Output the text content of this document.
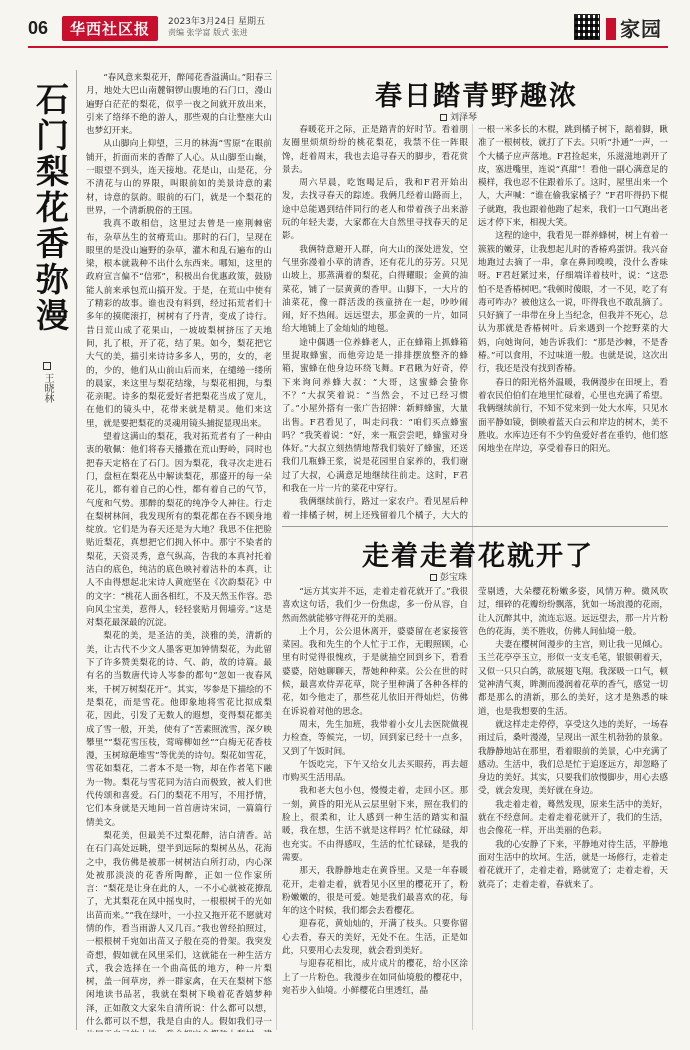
06	华西社区报	2023年3月24日 星期五
责编 张学富 版式 张进	家园
石门梨花香弥漫
王晓林

“春风意来梨花开，醉闻花香溢满山。”阳春三月，地处大巴山南麓铜锣山腹地的石门口，漫山遍野白茫茫的梨花，似乎一夜之间就开放出来，引来了络绎不绝的游人，那些观的白让整座大山也梦幻开来。

从山脚向上仰望，三月的林海“雪原”在眼前铺开，折面而来的香醉了人心。从山脚至山巅，一眼望不到头，连天接地。花是山，山是花，分不清花与山的界限，叫眼前如的美景诗意的素材，诗意的氛韵。眼前的石门，就是一个梨花的世界，一个清新脱俗的王国。

我真不敢相信，这里过去曾是一座荆棘密布，杂草丛生的贫瘠荒山。那时的石门，呈现在眼里的是没山遍野的杂草，灌木和乱石遍布的山梁，根本就栽种不出什么东西来。哪知，这里的政府宣言偏不“信邪”，积极出台优惠政策，鼓励能人前来承包荒山搞开发。于是，在荒山中使有了精彩的故事。谁也没有料到，经过拓荒者们十多年的摸爬滚打，树树有了丹青，变成了诗行。昔日荒山成了花果山，一坡坡梨树挤压了天地间，扎了根，开了花，结了果。如今，梨花把它大气的美，描引来诗诗多多人，男的，女的，老的，少的，他们从山前山后而来，在缱绻一缕所的晨家，来这里与梨花结缘，与梨花相拥，与梨花亲昵。诗多的梨花爱好者把梨花当成了宽儿，在他们的镜头中，花带来就是精灵。他们来这里，就是要把梨花的灵魂用镜头捕捉显现出来。

望着这满山的梨花，我对拓荒者有了一种由衷的敬佩：他们将春天播撒在荒山野岭，同时也把春天定格在了石门。因为梨花，我寻次走进石门，盘桓在梨花丛中解读梨花，那盛开的每一朵花儿，都有着自己的心性，都有着自己的气节，气度和气势。那醉的梨花的纯净令人神往。行走在梨树林间，我发现所有的梨花都在吞不顾身地绽放。它们是为春天还是为大地？我思不住把脸贴近梨花，真想把它们拥入怀中。那宁不染者的梨花，天资灵秀，意气纵高，告我的本真衬托着洁白的底色，纯洁的底色映衬着洁朴的本真，让人不由得想起北宋诗人黄庭坚在《次韵梨花》中的文字：“桃花人面各相红，不及天然玉作容。恐向风尘宝美，惹得人，轻轻裳贴月佣墙旁。”这是对梨花最深最的沉淀。

梨花的美，是圣洁的美，淡雅的美，清新的美，让古代不少文人墨客更加钟情梨花，为此留下了许多赞美梨花的诗、气、韵，故的诗篇。最有名的当数唐代诗人岑参的都句“忽如一夜春风来，千树万树梨花开”。其实，岑参是下描绘的不是梨花，而是雪花。他即象地将雪花比拟成梨花，因此，引发了无数人的遐想，变得梨花都美成了雪一般，开美，使有了“苦素照流雪，深夕映攀里”“梨花雪压枝，莺啼柳如丝”“白梅无花香枝漫，玉树琼葩堆雪”等优美的诗句。梨花如雪花，雪花如梨花，二者本不是一物，却在作者笔下融为一物。梨花与雪花同为洁白而极致，被人们世代传颂和喜爱。石门的梨花不用写，不用抒情，它们本身就是天地间一首首唐诗宋词，一篇篇行情美文。

梨花美，但最美不过梨花醉，洁白清香。站在石门高处远眺，望半到远际的梨树丛丛，花海之中，我仿佛是被那一树树洁白所打动，内心深处被那淡淡的花香所陶醉，正如一位作家所言：“梨花是让身在此的人，一不小心就被花撩乱了，尤其梨花在风中摇曳时，一根根树千的光如出苗而来。”“我在绿叶，一小拉又拖开花不愿就对情的作，看当雨游人又几百。”我也曾经拍照过，一根根树千宛如出苗又子般在亮的骨架。我突发奇想，假如就在风里采们，这就能在一种生活方式，我会选择在一个曲高低的地方，种一片梨树，盖一间草房，养一群家禽，在天在梨树下悠闲地读书品茗，我就在梨树下唤着花香嬉梦种泽，正如散文大家朱自清所说：什么都可以想，什么都可以不想，我是自由的人。假如我们寻一

春日踏青野趣浓
刘泽琴

春暖花开之际，正是踏青的好时节。看着朋友圈里烦烦纷纷的桃花梨花，我禁不住一阵眼馋，赶着周末，我也去追寻春天的脚步，看花赏景去。

周六早晨，吃饱喝足后，我和F君开始出发，去找寻春天的踪迹。我俩几经着山路而上，途中总能遇到结伴同行的老人和带着孩子出来游玩的年轻夫妻，大家都在大自然里寻找春天的足影。

我俩特意避开人群，向大山的深处进发，空气里弥漫着小草的清香，还有花儿的芬芳。只见山坡上，那蒸满着的梨花，白得耀眼；金黄的油菜花，铺了一层黄黄的香甲。山脚下，一大片的油菜花，像一群活泼的孩童挤在一起，吵吵闹闹，好不热闹。远远望去，那金黄的一片，如同给大地铺上了金灿灿的地毯。

途中偶遇一位养蜂老人，正在蜂箱上抓蜂箱里捉取蜂蜜，而他旁边是一排排摆放整齐的蜂箱，蜜蜂在他身边环绕飞舞。F君瞅为好奇，停下来询问养蜂大叔：“大哥，这蜜蜂会蛰你不？”大叔笑着说：“当然会，不过已经习惯了。”小屋外搭有一张广告招牌：新鲜蜂蜜，大量出售。F君看见了，叫走问我：“咱们买点蜂蜜吗？”我笑着说：“好，来一瓶尝尝吧，蜂蜜对身体好。”大叔立刻热情地帮我们装好了蜂蜜，还送我们几瓶蜂王浆，说是花园里自家养的，我们谢过了大叔，心满意足地继续往前走。这时，F君和我在一片一片的菜花中穿行。

我俩继续前行，路过一家农户。看见屋后种着一排橘子树，树上还残留着几个橘子，大大的

一根一米多长的木棍，跳到橘子树下，踮着脚，瞅准了一根树枝，就打了下去。只听“扑通”一声，一个大橘子应声落地。F君捡起来，乐滋滋地剥开了皮，塞进嘴里，连说“真甜”！看他一副心满意足的模样，我也忍不住跟着乐了。这时，屋里出来一个人，大声喊：“谁在偷我家橘子？”F君吓得扔下棍子就跑，我也跟着他跑了起来，我们一口气跑出老远才停下来，相视大笑。

这程的途中，我看见一群养蜂树，树上有着一簇簇的嫩芽，让我想起儿时的香椿鸡蛋饼。我兴奋地跑过去摘了一串，拿在鼻间嗅嗅，没什么香味呀。F君赶紧过来，仔细端详着枝叶，说：“这恐怕不是香椿树吧。”我顿时傻眼，才一不见，吃了有毒可咋办？被他这么一说，吓得我也不敢乱摘了。只好摘了一串带在身上当纪念，但我并不死心，总认为那就是香椿树叶。后来遇到一个挖野菜的大妈，向她询问，她告诉我们：“那是沙棘，不是香椿。”可以食用，不过味道一般。也就是说，这次出行，我还是没有找到香椿。

春日的阳光格外温暖，我俩漫步在田埂上，看着农民伯伯们在地里忙碌着，心里也充满了希望。我俩继续前行，不知不觉来到一处大水库，只见水面平静如镜，倒映着蓝天白云和岸边的树木，美不胜收。水库边还有不少钓鱼爱好者在垂钓，他们悠闲地坐在岸边，享受着春日的阳光。

走着走着花就开了
彭宝珠

“远方其实并不远，走着走着花就开了。”我很喜欢这句话，我们少一份焦虑，多一份从容，自然而然就能够守得花开的美丽。

上个月，公公退休离开，婆婆留在老家接管菜园。我和先生的个人忙于工作，无暇照顾，心里有时觉得很愧疚，于是就抽空回到乡下，看看婆婆，陪她聊聊天，帮她种种菜。公公在世的时候，最喜欢侍弄花草，院子里种满了各种各样的花，如今他走了，那些花儿依旧开得灿烂，仿佛在诉说着对他的思念。

周末，先生加班，我带着小女儿去医院做视力检查，等候完，一切，回到家已经十一点多，又到了午饭时间。

午饭吃完，下午又给女儿去买眼药，再去超市购买生活用品。

我和老大包小包，慢慢走着，走回小区。那一刻，黄昏的阳光从云层里射下来，照在我们的脸上，很柔和，让人感到一种生活的踏实和温暖，我在想，生活不就是这样吗？忙忙碌碌，却也充实。不由得感叹，生活的忙忙碌碌，是我的需要。

那天，我静静地走在黄昏里。又是一年春暖花开，走着走着，就看见小区里的樱花开了，粉粉嫩嫩的，很是可爱。她是我们最喜欢的花，每年的这个时候，我们都会去看樱花。

迎春花，黄灿灿的，开满了枝头。只要你留心去看，春天的美好，无处不在。生活，正是如此，只要用心去发现，就会看到美好。

与迎春花相比，成片成片的樱花，给小区涂上了一片粉色。我漫步在如同仙境般的樱花中，宛若步入仙境。小鲜樱花白里透红，晶

莹剔透，大朵樱花粉嫩多姿，风情万种。微风吹过，细碎的花瓣纷纷飘落，犹如一场浪漫的花雨，让人沉醉其中，流连忘返。远远望去，那一片片粉色的花海，美不胜收，仿佛人间仙境一般。

夫妻在樱树间漫步的主宫，则让我一见倾心。玉兰花亭亭玉立，形似一支支毛笔，银银朝着天，又似一只只白鸽，欲展翅飞翔。我深吸一口气，顿觉神清气爽，眸测而漫润着花草的香气，感觉一切都是那么的清新，那么的美好，这才是熟悉的味道，也是我想要的生活。

就这样走走停停，享受这久违的美好，一场春雨过后，桑叶漫漫，呈现出一派生机勃勃的景象。我静静地站在那里，看着眼前的美景，心中充满了感动。生活中，我们总是忙于追逐远方，却忽略了身边的美好。其实，只要我们放慢脚步，用心去感受，就会发现，美好就在身边。

我走着走着，蓦然发现，原来生活中的美好，就在不经意间。走着走着花就开了，我们的生活，也会像花一样，开出美丽的色彩。

我的心安静了下来，平静地对待生活，平静地面对生活中的坎坷。生活，就是一场修行，走着走着花就开了，走着走着，路就宽了；走着走着，天就亮了；走着走着，春就来了。
